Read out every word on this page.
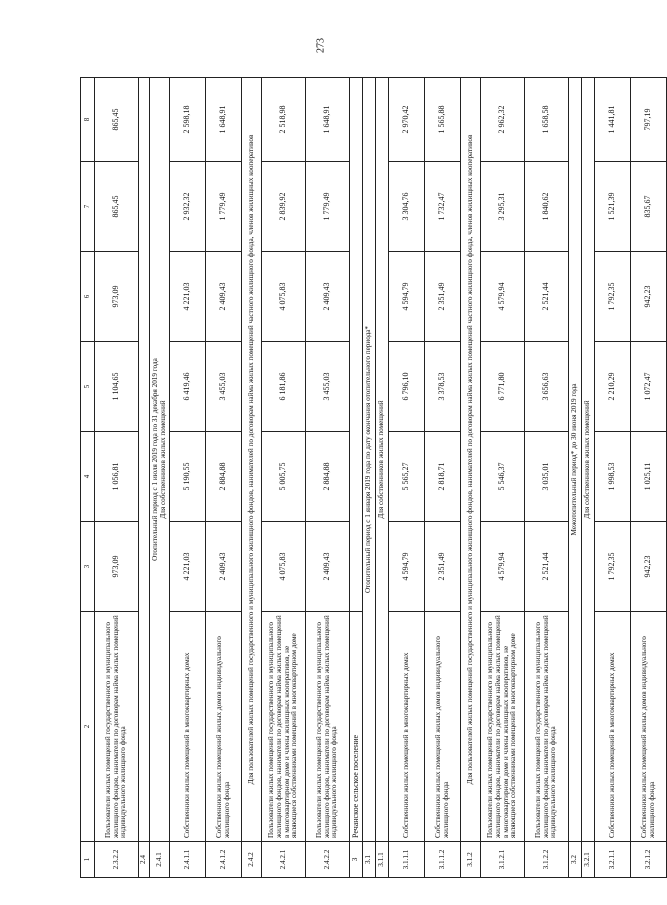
273
1	2	3	4	5	6	7	8
2.3.2.2	Пользователи жилых помещений государственного и муниципального жилищного фондов, наниматели по договорам найма жилых помещений индивидуального жилищного фонда	973,09	1 056,81	1 104,65	973,09	865,45	865,45
2.4							
2.4.1	Отопительный период с 1 июля 2019 года по 31 декабря 2019 года Для собственников жилых помещений						

2.4.1.1	Собственники жилых помещений в многоквартирных домах	4 221,03	5 190,55	6 419,46	4 221,03	2 932,32	2 598,18
2.4.1.2	Собственники жилых помещений жилых домов индивидуального жилищного фонда	2 409,43	2 884,88	3 455,03	2 409,43	1 779,49	1 648,91
2.4.2	Для пользователей жилых помещений государственного и муниципального жилищного фондов, нанимателей по договорам найма жилых помещений частного жилищного фонда, членов жилищных кооперативов						

2.4.2.1	Пользователи жилых помещений государственного и муниципального жилищного фондов, наниматели по договорам найма жилых помещений в многоквартирном доме и члены жилищных кооперативов, не являющиеся собственниками помещений в многоквартирном доме	4 075,83	5 005,75	6 181,86	4 075,83	2 839,92	2 518,98
2.4.2.2	Пользователи жилых помещений государственного и муниципального жилищного фондов, наниматели по договорам найма жилых помещений индивидуального жилищного фонда	2 409,43	2 884,88	3 455,03	2 409,43	1 779,49	1 648,91
3	Речанское сельское поселение						
3.1	Отопительный период с 1 января 2019 года по дату окончания отопительного периода*						

3.1.1	Для собственников жилых помещений						

3.1.1.1	Собственники жилых помещений в многоквартирных домах	4 594,79	5 565,27	6 796,10	4 594,79	3 304,76	2 970,42
3.1.1.2	Собственники жилых помещений жилых домов индивидуального жилищного фонда	2 351,49	2 818,71	3 378,53	2 351,49	1 732,47	1 565,88
3.1.2	Для пользователей жилых помещений государственного и муниципального жилищного фондов, нанимателей по договорам найма жилых помещений частного жилищного фонда, членов жилищных кооперативов						

3.1.2.1	Пользователи жилых помещений государственного и муниципального жилищного фондов, наниматели по договорам найма жилых помещений в многоквартирном доме и члены жилищных кооперативов, не являющиеся собственниками помещений в многоквартирном доме	4 579,94	5 546,37	6 771,80	4 579,94	3 295,31	2 962,32
3.1.2.2	Пользователи жилых помещений государственного и муниципального жилищного фондов, наниматели по договорам найма жилых помещений индивидуального жилищного фонда	2 521,44	3 035,01	3 656,63	2 521,44	1 840,62	1 658,58
3.2	Межотопительный период* до 30 июня 2019 года						

3.2.1	Для собственников жилых помещений						

3.2.1.1	Собственники жилых помещений в многоквартирных домах	1 792,35	1 998,53	2 210,29	1 792,35	1 521,39	1 441,81
3.2.1.2	Собственники жилых помещений жилых домов индивидуального жилищного фонда	942,23	1 025,11	1 072,47	942,23	835,67	797,19
